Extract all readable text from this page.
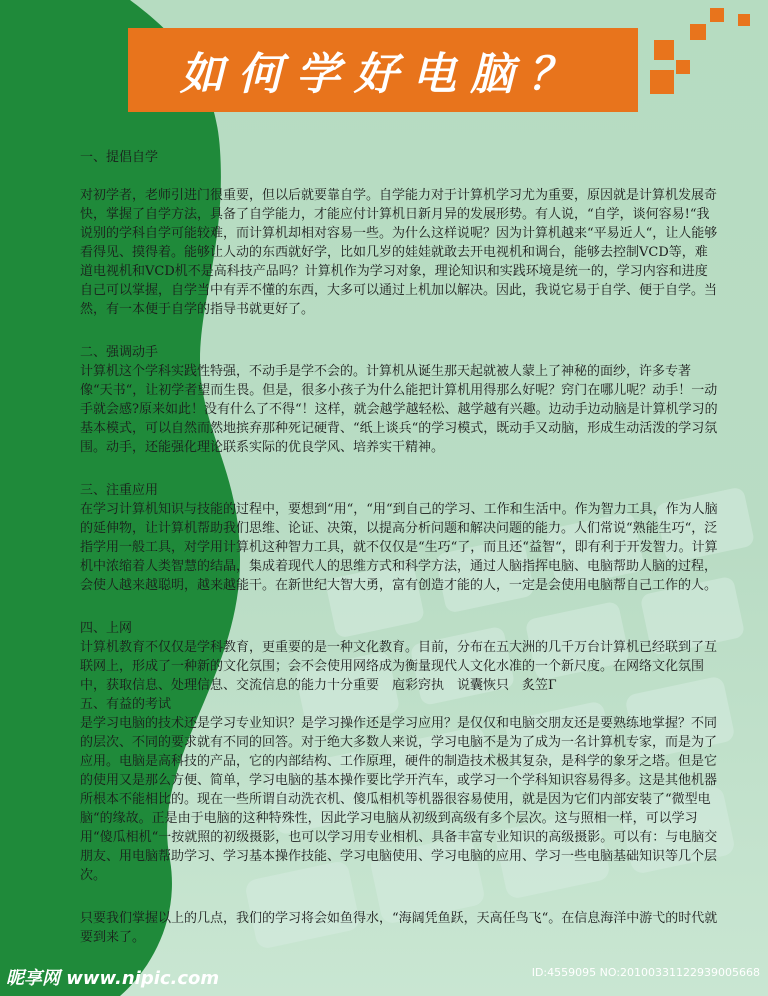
如何学好电脑？

一、提倡自学

对初学者，老师引进门很重要，但以后就要靠自学。自学能力对于计算机学习尤为重要，原因就是计算机发展奇快，掌握了自学方法，具备了自学能力，才能应付计算机日新月异的发展形势。有人说，“自学，谈何容易!“我说别的学科自学可能较难，而计算机却相对容易一些。为什么这样说呢？因为计算机越来“平易近人“，让人能够看得见、摸得着。能够让人动的东西就好学，比如几岁的娃娃就敢去开电视机和调台，能够去控制VCD等，难道电视机和VCD机不是高科技产品吗？计算机作为学习对象，理论知识和实践环境是统一的，学习内容和进度自己可以掌握，自学当中有弄不懂的东西，大多可以通过上机加以解决。因此，我说它易于自学、便于自学。当然，有一本便于自学的指导书就更好了。

二、强调动手

计算机这个学科实践性特强，不动手是学不会的。计算机从诞生那天起就被人蒙上了神秘的面纱，许多专著像“天书“，让初学者望而生畏。但是，很多小孩子为什么能把计算机用得那么好呢？窍门在哪儿呢？动手！一动手就会感?原来如此！没有什么了不得“！这样，就会越学越轻松、越学越有兴趣。边动手边动脑是计算机学习的基本模式，可以自然而然地摈弃那种死记硬背、“纸上谈兵“的学习模式，既动手又动脑，形成生动活泼的学习氛围。动手，还能强化理论联系实际的优良学风、培养实干精神。

三、注重应用

在学习计算机知识与技能的过程中，要想到“用“，“用“到自己的学习、工作和生活中。作为智力工具，作为人脑的延伸物，让计算机帮助我们思维、论证、决策，以提高分析问题和解决问题的能力。人们常说“熟能生巧“，泛指学用一般工具，对学用计算机这种智力工具，就不仅仅是“生巧“了，而且还“益智“，即有利于开发智力。计算机中浓缩着人类智慧的结晶，集成着现代人的思维方式和科学方法，通过人脑指挥电脑、电脑帮助人脑的过程，会使人越来越聪明，越来越能干。在新世纪大智大勇，富有创造才能的人，一定是会使用电脑帮自己工作的人。

四、上网

计算机教育不仅仅是学科教育，更重要的是一种文化教育。目前，分布在五大洲的几千万台计算机已经联到了互联网上，形成了一种新的文化氛围；会不会使用网络成为衡量现代人文化水准的一个新尺度。在网络文化氛围中，获取信息、处理信息、交流信息的能力十分重要　庖彩窍执　说囊恢只　炙笠Г

五、有益的考试

是学习电脑的技术还是学习专业知识？是学习操作还是学习应用？是仅仅和电脑交朋友还是要熟练地掌握？不同的层次、不同的要求就有不同的回答。对于绝大多数人来说，学习电脑不是为了成为一名计算机专家，而是为了应用。电脑是高科技的产品，它的内部结构、工作原理，硬件的制造技术极其复杂，是科学的象牙之塔。但是它的使用又是那么方便、简单，学习电脑的基本操作要比学开汽车，或学习一个学科知识容易得多。这是其他机器所根本不能相比的。现在一些所谓自动洗衣机、傻瓜相机等机器很容易使用，就是因为它们内部安装了“微型电脑“的缘故。正是由于电脑的这种特殊性，因此学习电脑从初级到高级有多个层次。这与照相一样，可以学习用“傻瓜相机“一按就照的初级摄影，也可以学习用专业相机、具备丰富专业知识的高级摄影。可以有：与电脑交朋友、用电脑帮助学习、学习基本操作技能、学习电脑使用、学习电脑的应用、学习一些电脑基础知识等几个层次。

只要我们掌握以上的几点，我们的学习将会如鱼得水，“海阔凭鱼跃，天高任鸟飞“。在信息海洋中游弋的时代就要到来了。

昵享网 www.nipic.com	ID:4559095 NO:20100331122939005668
